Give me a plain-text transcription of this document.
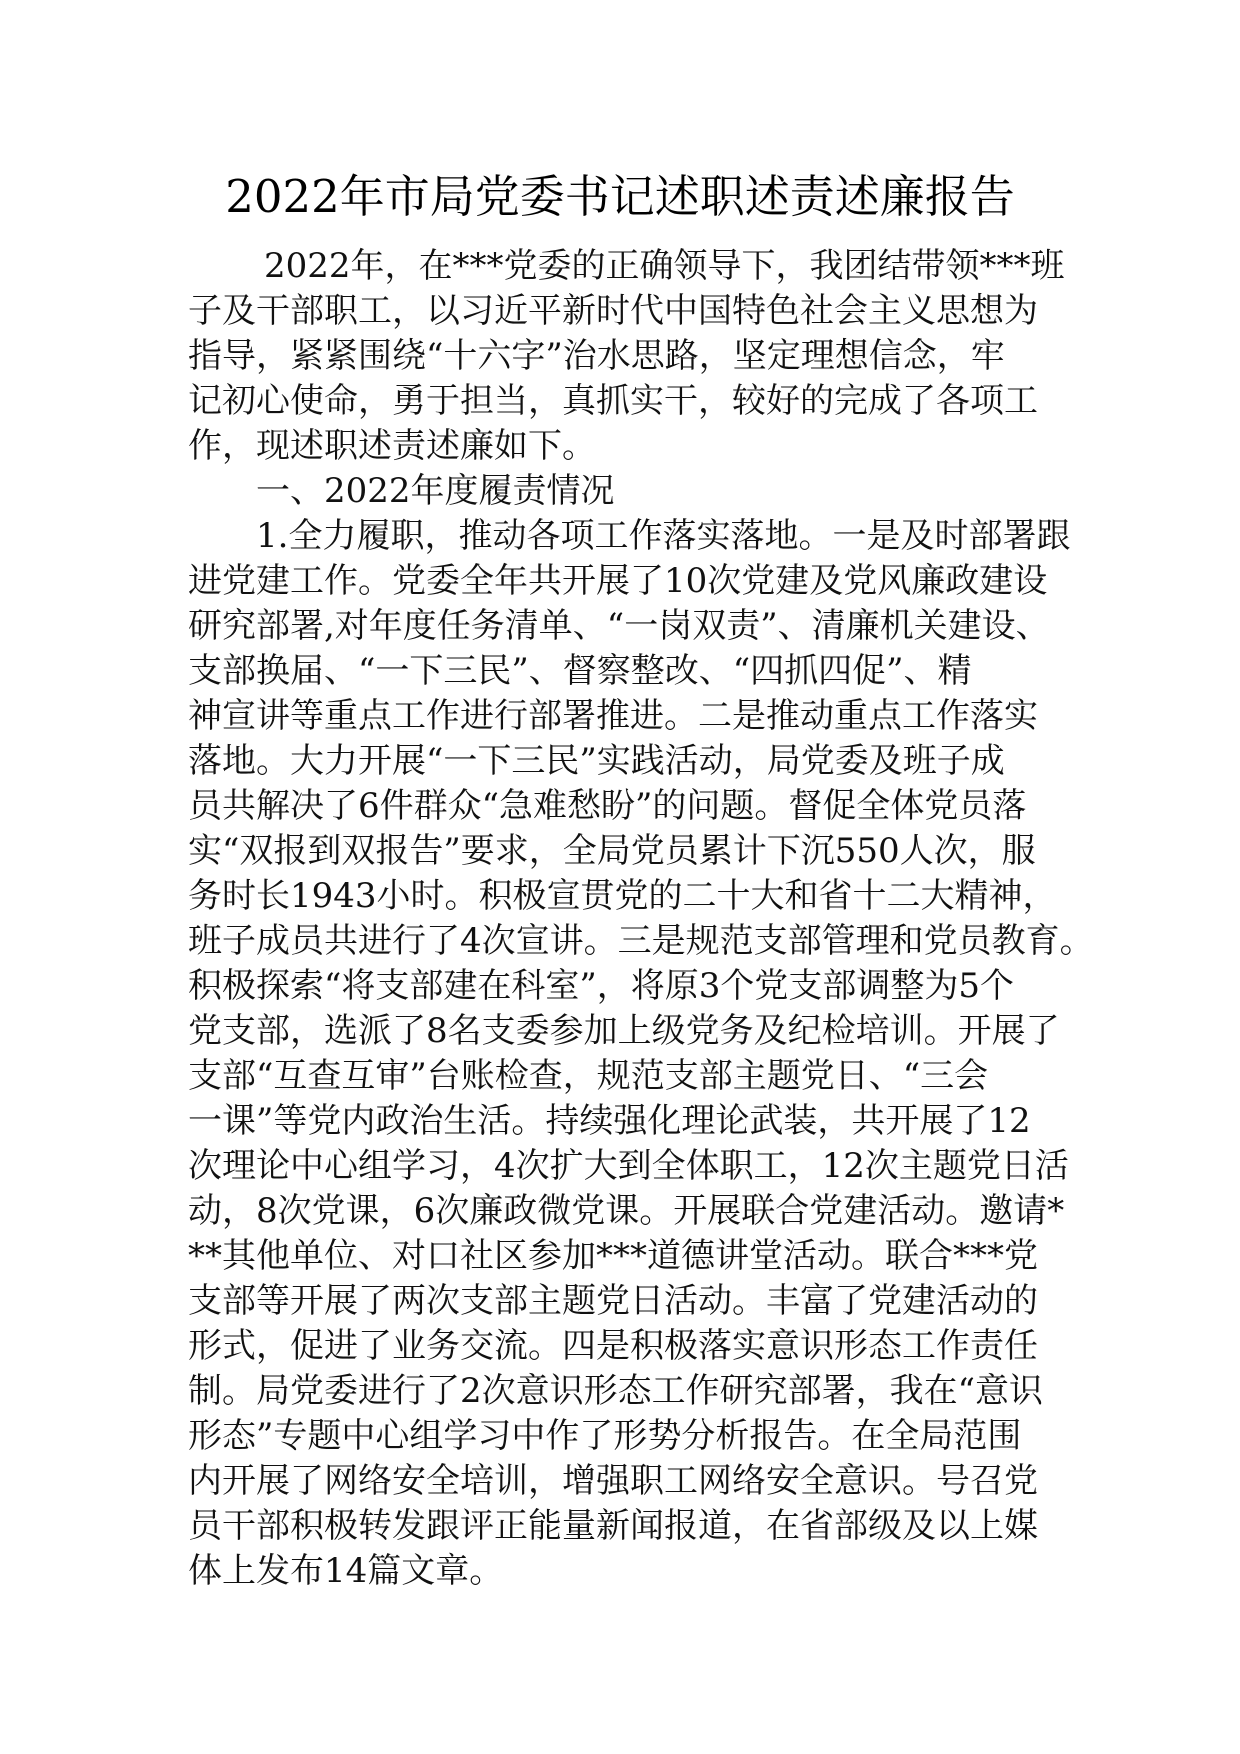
2022年市局党委书记述职述责述廉报告
2022年，在***党委的正确领导下，我团结带领***班
子及干部职工，以习近平新时代中国特色社会主义思想为
指导，紧紧围绕“十六字”治水思路，坚定理想信念，牢
记初心使命，勇于担当，真抓实干，较好的完成了各项工
作，现述职述责述廉如下。
一、2022年度履责情况
1.全力履职，推动各项工作落实落地。一是及时部署跟
进党建工作。党委全年共开展了10次党建及党风廉政建设
研究部署,对年度任务清单、“一岗双责”、清廉机关建设、
支部换届、“一下三民”、督察整改、“四抓四促”、精
神宣讲等重点工作进行部署推进。二是推动重点工作落实
落地。大力开展“一下三民”实践活动，局党委及班子成
员共解决了6件群众“急难愁盼”的问题。督促全体党员落
实“双报到双报告”要求，全局党员累计下沉550人次，服
务时长1943小时。积极宣贯党的二十大和省十二大精神，
班子成员共进行了4次宣讲。三是规范支部管理和党员教育。
积极探索“将支部建在科室”，将原3个党支部调整为5个
党支部，选派了8名支委参加上级党务及纪检培训。开展了
支部“互查互审”台账检查，规范支部主题党日、“三会
一课”等党内政治生活。持续强化理论武装，共开展了12
次理论中心组学习，4次扩大到全体职工，12次主题党日活
动，8次党课，6次廉政微党课。开展联合党建活动。邀请*
**其他单位、对口社区参加***道德讲堂活动。联合***党
支部等开展了两次支部主题党日活动。丰富了党建活动的
形式，促进了业务交流。四是积极落实意识形态工作责任
制。局党委进行了2次意识形态工作研究部署，我在“意识
形态”专题中心组学习中作了形势分析报告。在全局范围
内开展了网络安全培训，增强职工网络安全意识。号召党
员干部积极转发跟评正能量新闻报道，在省部级及以上媒
体上发布14篇文章。
